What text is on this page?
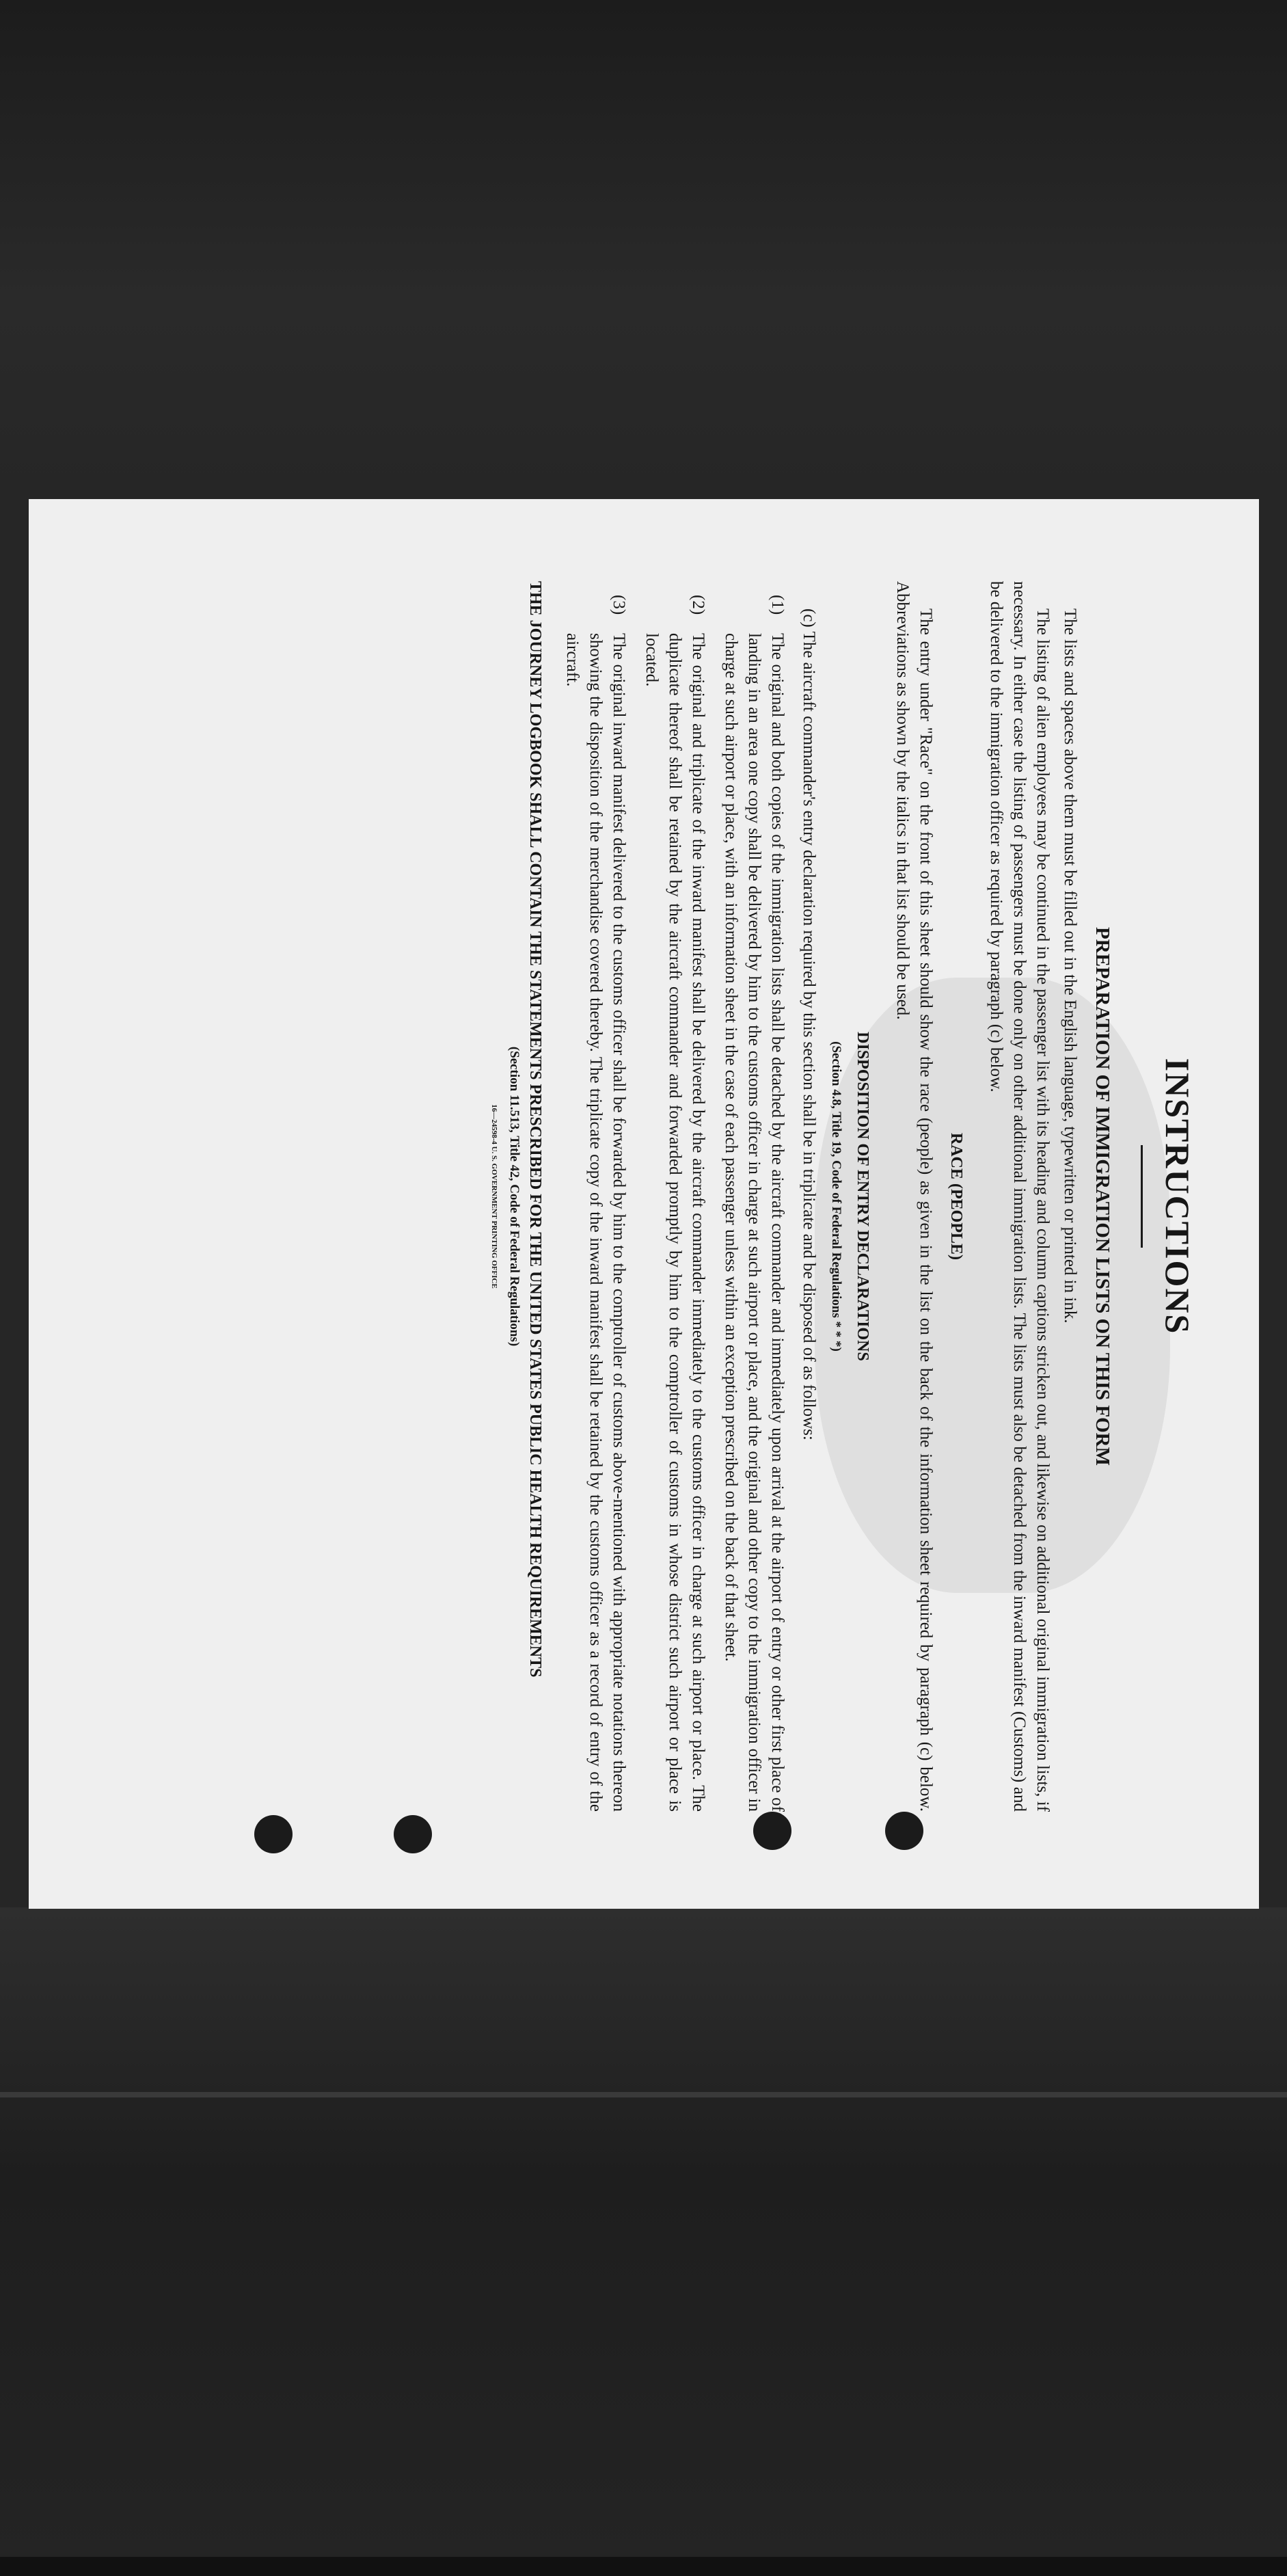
INSTRUCTIONS
PREPARATION OF IMMIGRATION LISTS ON THIS FORM

The lists and spaces above them must be filled out in the English language, typewritten or printed in ink.

The listing of alien employees may be continued in the passenger list with its heading and column captions stricken out, and likewise on additional original immigration lists, if necessary. In either case the listing of passengers must be done only on other additional immigration lists. The lists must also be detached from the inward manifest (Customs) and be delivered to the immigration officer as required by paragraph (c) below.

RACE (PEOPLE)

The entry under "Race" on the front of this sheet should show the race (people) as given in the list on the back of the information sheet required by paragraph (c) below. Abbreviations as shown by the italics in that list should be used.

DISPOSITION OF ENTRY DECLARATIONS
(Section 4.8, Title 19, Code of Federal Regulations * * *)

(c) The aircraft commander's entry declaration required by this section shall be in triplicate and be disposed of as follows:

(1)
The original and both copies of the immigration lists shall be detached by the aircraft commander and immediately upon arrival at the airport of entry or other first place of landing in an area one copy shall be delivered by him to the customs officer in charge at such airport or place, and the original and other copy to the immigration officer in charge at such airport or place, with an information sheet in the case of each passenger unless within an exception prescribed on the back of that sheet.
(2)
The original and triplicate of the inward manifest shall be delivered by the aircraft commander immediately to the customs officer in charge at such airport or place. The duplicate thereof shall be retained by the aircraft commander and forwarded promptly by him to the comptroller of customs in whose district such airport or place is located.
(3)
The original inward manifest delivered to the customs officer shall be forwarded by him to the comptroller of customs above-mentioned with appropriate notations thereon showing the disposition of the merchandise covered thereby. The triplicate copy of the inward manifest shall be retained by the customs officer as a record of entry of the aircraft.
THE JOURNEY LOGBOOK SHALL CONTAIN THE STATEMENTS PRESCRIBED FOR THE UNITED STATES PUBLIC HEALTH REQUIREMENTS
(Section 11.513, Title 42, Code of Federal Regulations)
16—24598-4 U. S. GOVERNMENT PRINTING OFFICE
